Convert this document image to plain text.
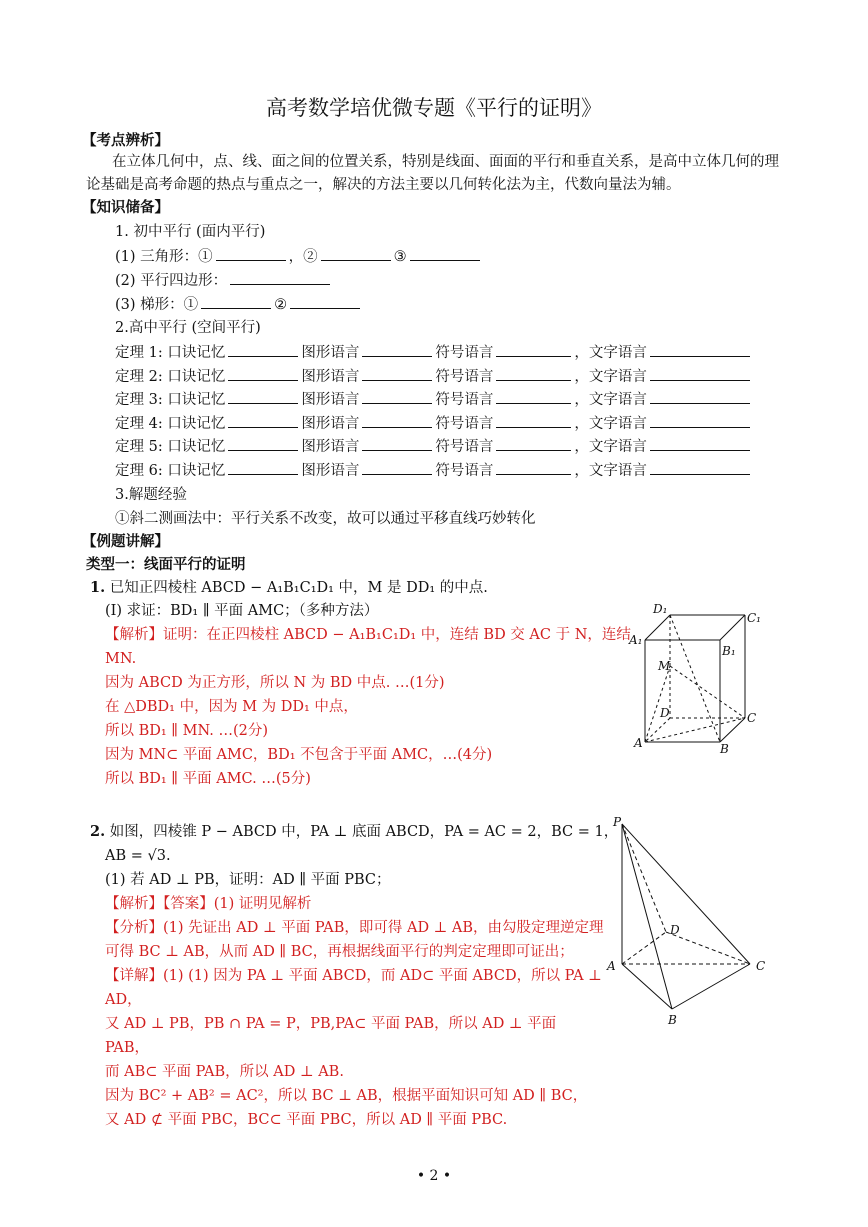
高考数学培优微专题《平行的证明》
【考点辨析】
在立体几何中，点、线、面之间的位置关系，特别是线面、面面的平行和垂直关系，是高中立体几何的理
论基础是高考命题的热点与重点之一，解决的方法主要以几何转化法为主，代数向量法为辅。
【知识储备】
1. 初中平行 (面内平行)
(1) 三角形：①	，②	③
(2) 平行四边形：
(3) 梯形：①	②
2.高中平行 (空间平行)
定理 1: 口诀记忆	图形语言	符号语言	，文字语言
定理 2: 口诀记忆	图形语言	符号语言	，文字语言
定理 3: 口诀记忆	图形语言	符号语言	，文字语言
定理 4: 口诀记忆	图形语言	符号语言	，文字语言
定理 5: 口诀记忆	图形语言	符号语言	，文字语言
定理 6: 口诀记忆	图形语言	符号语言	，文字语言
3.解题经验
①斜二测画法中：平行关系不改变，故可以通过平移直线巧妙转化
【例题讲解】
类型一：线面平行的证明
1. 已知正四棱柱 ABCD − A₁B₁C₁D₁ 中，M 是 DD₁ 的中点.
(Ⅰ) 求证：BD₁ ∥ 平面 AMC；（多种方法）
【解析】证明：在正四棱柱 ABCD − A₁B₁C₁D₁ 中，连结 BD 交 AC 于 N，连结
MN.
因为 ABCD 为正方形，所以 N 为 BD 中点. …(1分)
在 △DBD₁ 中，因为 M 为 DD₁ 中点，
所以 BD₁ ∥ MN. …(2分)
因为 MN⊂ 平面 AMC，BD₁ 不包含于平面 AMC，…(4分)
所以 BD₁ ∥ 平面 AMC. …(5分)
D₁
C₁
A₁
B₁
M
D	C
A	B
2. 如图，四棱锥 P − ABCD 中，PA ⊥ 底面 ABCD，PA = AC = 2，BC = 1，
AB = √3.
(1) 若 AD ⊥ PB，证明：AD ∥ 平面 PBC；
【解析】【答案】(1) 证明见解析
【分析】(1) 先证出 AD ⊥ 平面 PAB，即可得 AD ⊥ AB，由勾股定理逆定理
可得 BC ⊥ AB，从而 AD ∥ BC，再根据线面平行的判定定理即可证出；
【详解】(1) (1) 因为 PA ⊥ 平面 ABCD，而 AD⊂ 平面 ABCD，所以 PA ⊥
AD，
又 AD ⊥ PB，PB ∩ PA = P，PB,PA⊂ 平面 PAB，所以 AD ⊥ 平面
PAB，
而 AB⊂ 平面 PAB，所以 AD ⊥ AB.
因为 BC² + AB² = AC²，所以 BC ⊥ AB，根据平面知识可知 AD ∥ BC，
又 AD ⊄ 平面 PBC，BC⊂ 平面 PBC，所以 AD ∥ 平面 PBC.
P
D
A	C
B
• 2 •
